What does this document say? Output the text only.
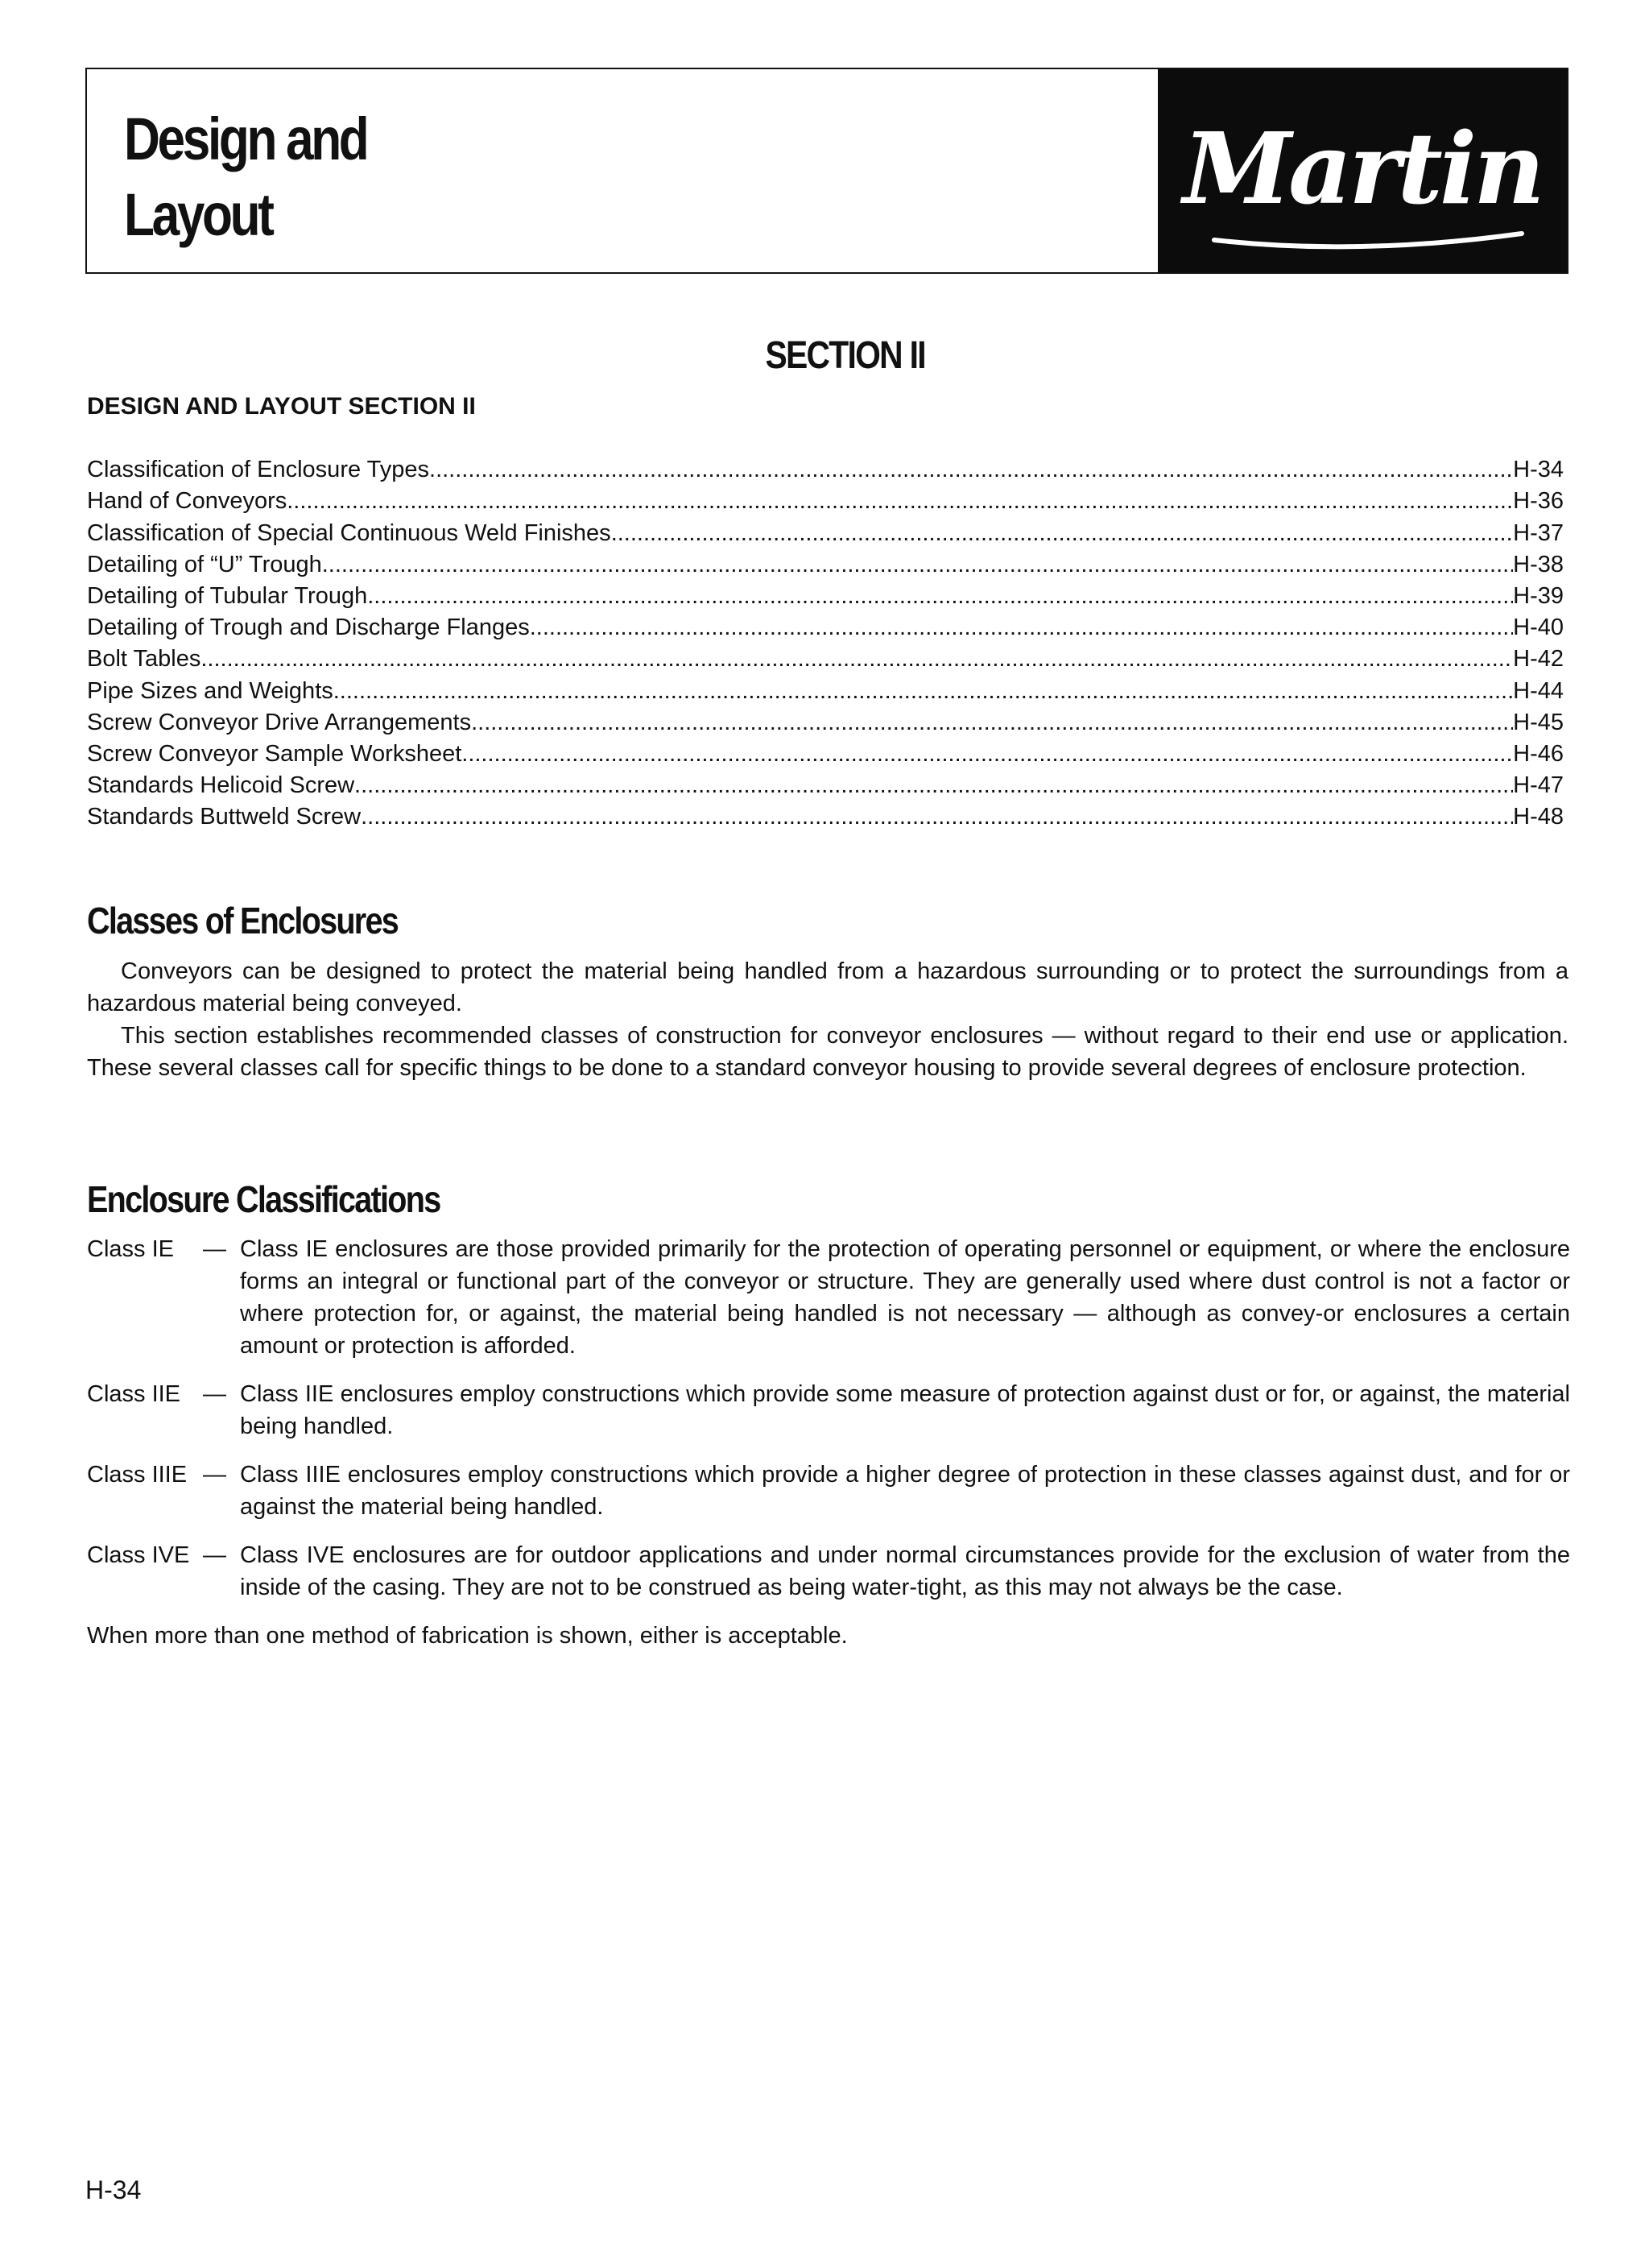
Design and
Layout	Martin
SECTION II
DESIGN AND LAYOUT SECTION II
Classification of Enclosure Types .....	H-34
Hand of Conveyors .....	H-36
Classification of Special Continuous Weld Finishes .....	H-37
Detailing of “U” Trough .....	H-38
Detailing of Tubular Trough .....	H-39
Detailing of Trough and Discharge Flanges .....	H-40
Bolt Tables .....	H-42
Pipe Sizes and Weights .....	H-44
Screw Conveyor Drive Arrangements .....	H-45
Screw Conveyor Sample Worksheet .....	H-46
Standards Helicoid Screw .....	H-47
Standards Buttweld Screw .....	H-48
Classes of Enclosures

Conveyors can be designed to protect the material being handled from a hazardous surrounding or to protect the surroundings from a hazardous material being conveyed.

This section establishes recommended classes of construction for conveyor enclosures — without regard to their end use or application. These several classes call for specific things to be done to a standard conveyor housing to provide several degrees of enclosure protection.

Enclosure Classifications
Class IE	— Class IE enclosures are those provided primarily for the protection of operating personnel or equipment, or where the enclosure forms an integral or functional part of the conveyor or structure. They are generally used where dust control is not a factor or where protection for, or against, the material being handled is not necessary — although as convey-or enclosures a certain amount or protection is afforded.
Class IIE — Class IIE enclosures employ constructions which provide some measure of protection against dust or for, or against, the material being handled.
Class IIIE — Class IIIE enclosures employ constructions which provide a higher degree of protection in these classes against dust, and for or against the material being handled.
Class IVE — Class IVE enclosures are for outdoor applications and under normal circumstances provide for the exclusion of water from the inside of the casing. They are not to be construed as being water-tight, as this may not always be the case.

When more than one method of fabrication is shown, either is acceptable.

H-34
